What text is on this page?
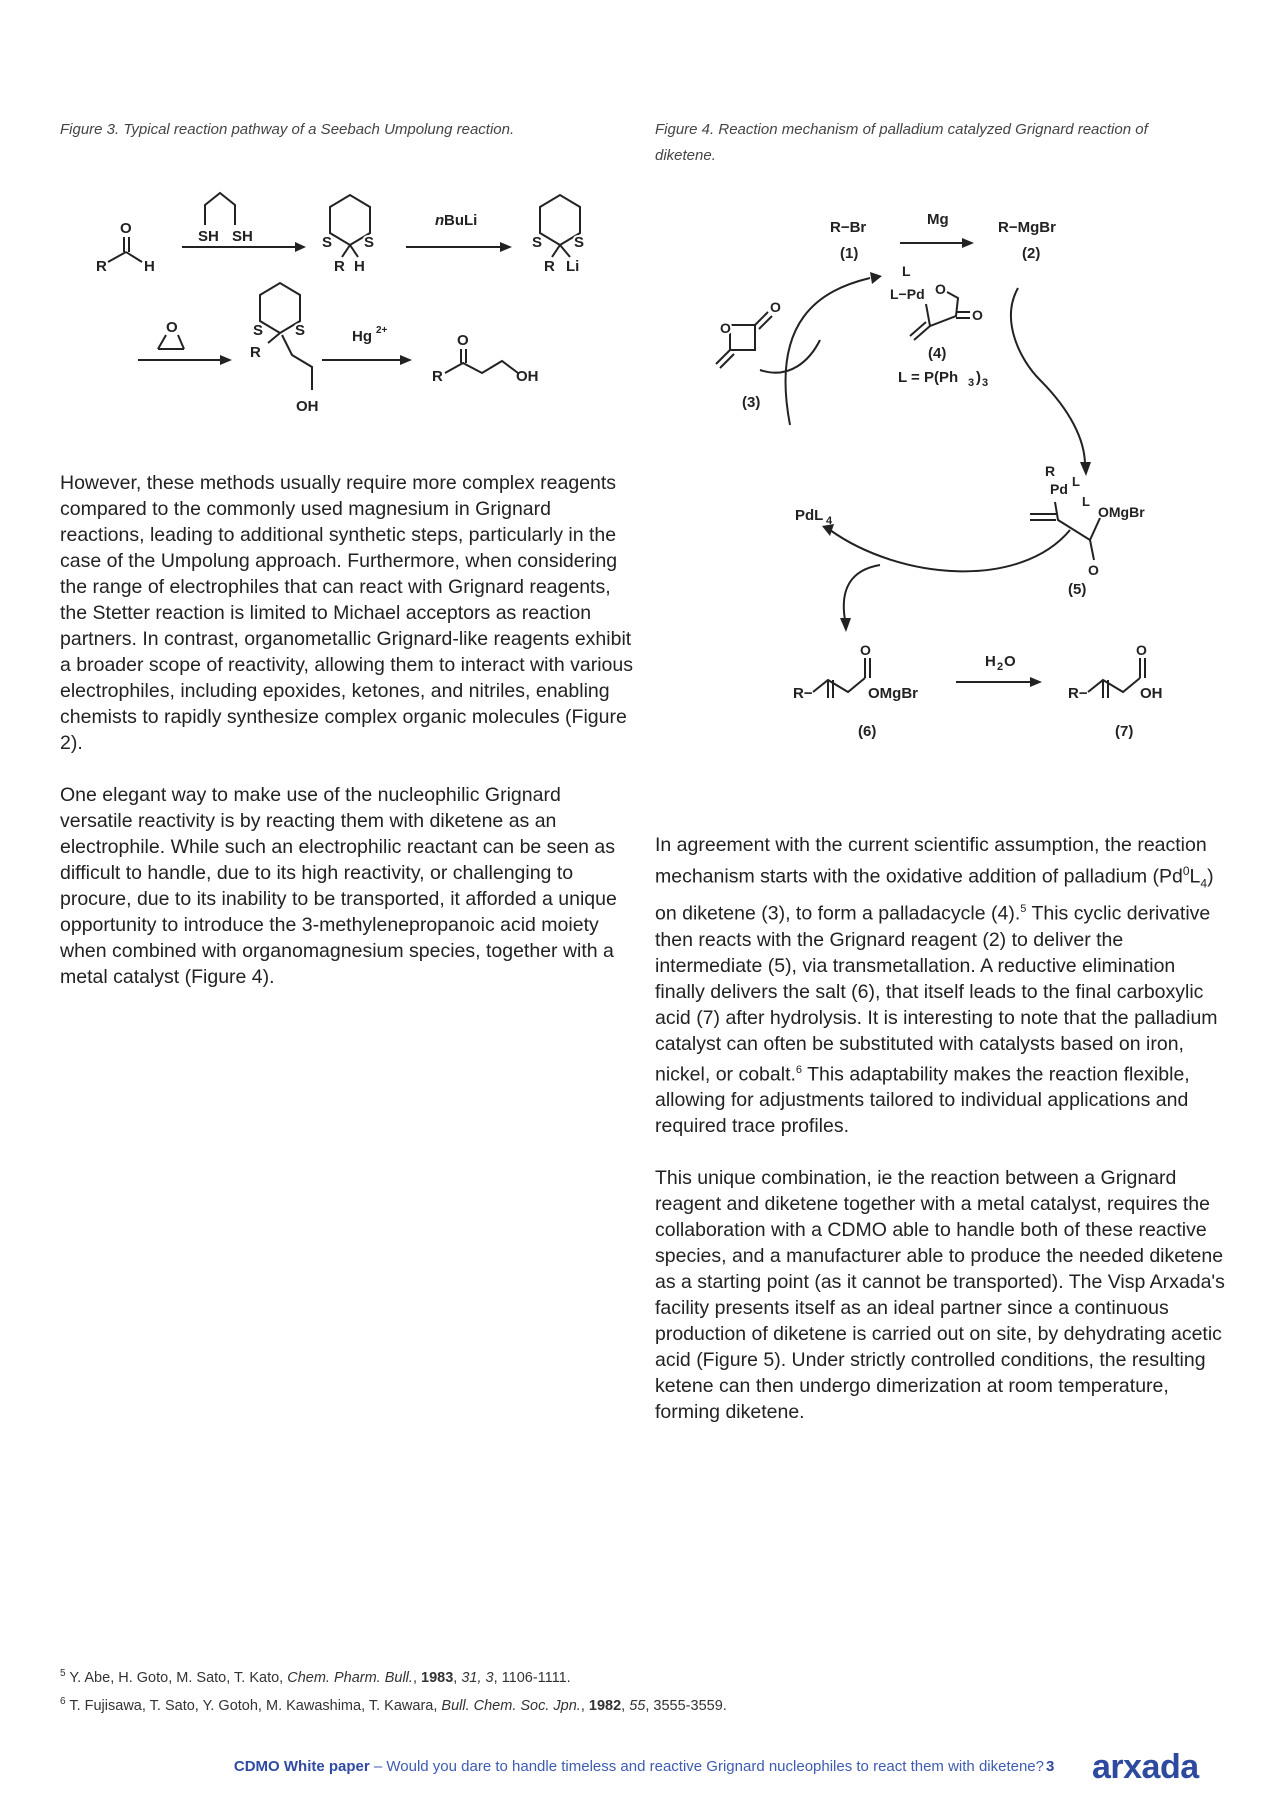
Figure 3. Typical reaction pathway of a Seebach Umpolung reaction.	Figure 4. Reaction mechanism of palladium catalyzed Grignard reaction of diketene.
O
R H
SH SH	S S
R H
n BuLi
S S
R Li
O	S S
R
OH
Hg 2+
O
R	OH
R−Br
(1)
Mg	R−MgBr
(2)
L
L−Pd O
O
(4)
L = P(Ph 3 ) 3
O
O
(3)
PdL 4
R
Pd L
L
OMgBr
O
(5)
R−
O
OMgBr
(6)
H 2 O
R−
O
OH
(7)

However, these methods usually require more complex reagents compared to the commonly used magnesium in Grignard reactions, leading to additional synthetic steps, particularly in the case of the Umpolung approach. Furthermore, when considering the range of electrophiles that can react with Grignard reagents, the Stetter reaction is limited to Michael acceptors as reaction partners. In contrast, organometallic Grignard-like reagents exhibit a broader scope of reactivity, allowing them to interact with various electrophiles, including epoxides, ketones, and nitriles, enabling chemists to rapidly synthesize complex organic molecules (Figure 2).

One elegant way to make use of the nucleophilic Grignard versatile reactivity is by reacting them with diketene as an electrophile. While such an electrophilic reactant can be seen as difficult to handle, due to its high reactivity, or challenging to procure, due to its inability to be transported, it afforded a unique opportunity to introduce the 3-methylenepropanoic acid moiety when combined with organomagnesium species, together with a metal catalyst (Figure 4).

In agreement with the current scientific assumption, the reaction mechanism starts with the oxidative addition of palladium $(Pd^0L_4)$ on diketene (3), to form a palladacycle (4).$^5$ This cyclic derivative then reacts with the Grignard reagent (2) to deliver the intermediate (5), via transmetallation. A reductive elimination finally delivers the salt (6), that itself leads to the final carboxylic acid (7) after hydrolysis. It is interesting to note that the palladium catalyst can often be substituted with catalysts based on iron, nickel, or cobalt.$^6$ This adaptability makes the reaction flexible, allowing for adjustments tailored to individual applications and required trace profiles.

This unique combination, ie the reaction between a Grignard reagent and diketene together with a metal catalyst, requires the collaboration with a CDMO able to handle both of these reactive species, and a manufacturer able to produce the needed diketene as a starting point (as it cannot be transported). The Visp Arxada's facility presents itself as an ideal partner since a continuous production of diketene is carried out on site, by dehydrating acetic acid (Figure 5). Under strictly controlled conditions, the resulting ketene can then undergo dimerization at room temperature, forming diketene.

$^5$ Y. Abe, H. Goto, M. Sato, T. Kato, Chem. Pharm. Bull., 1983, 31, 3, 1106-1111.
$^6$ T. Fujisawa, T. Sato, Y. Gotoh, M. Kawashima, T. Kawara, Bull. Chem. Soc. Jpn., 1982, 55, 3555-3559.
CDMO White paper – Would you dare to handle timeless and reactive Grignard nucleophiles to react them with diketene? 3 arxada
